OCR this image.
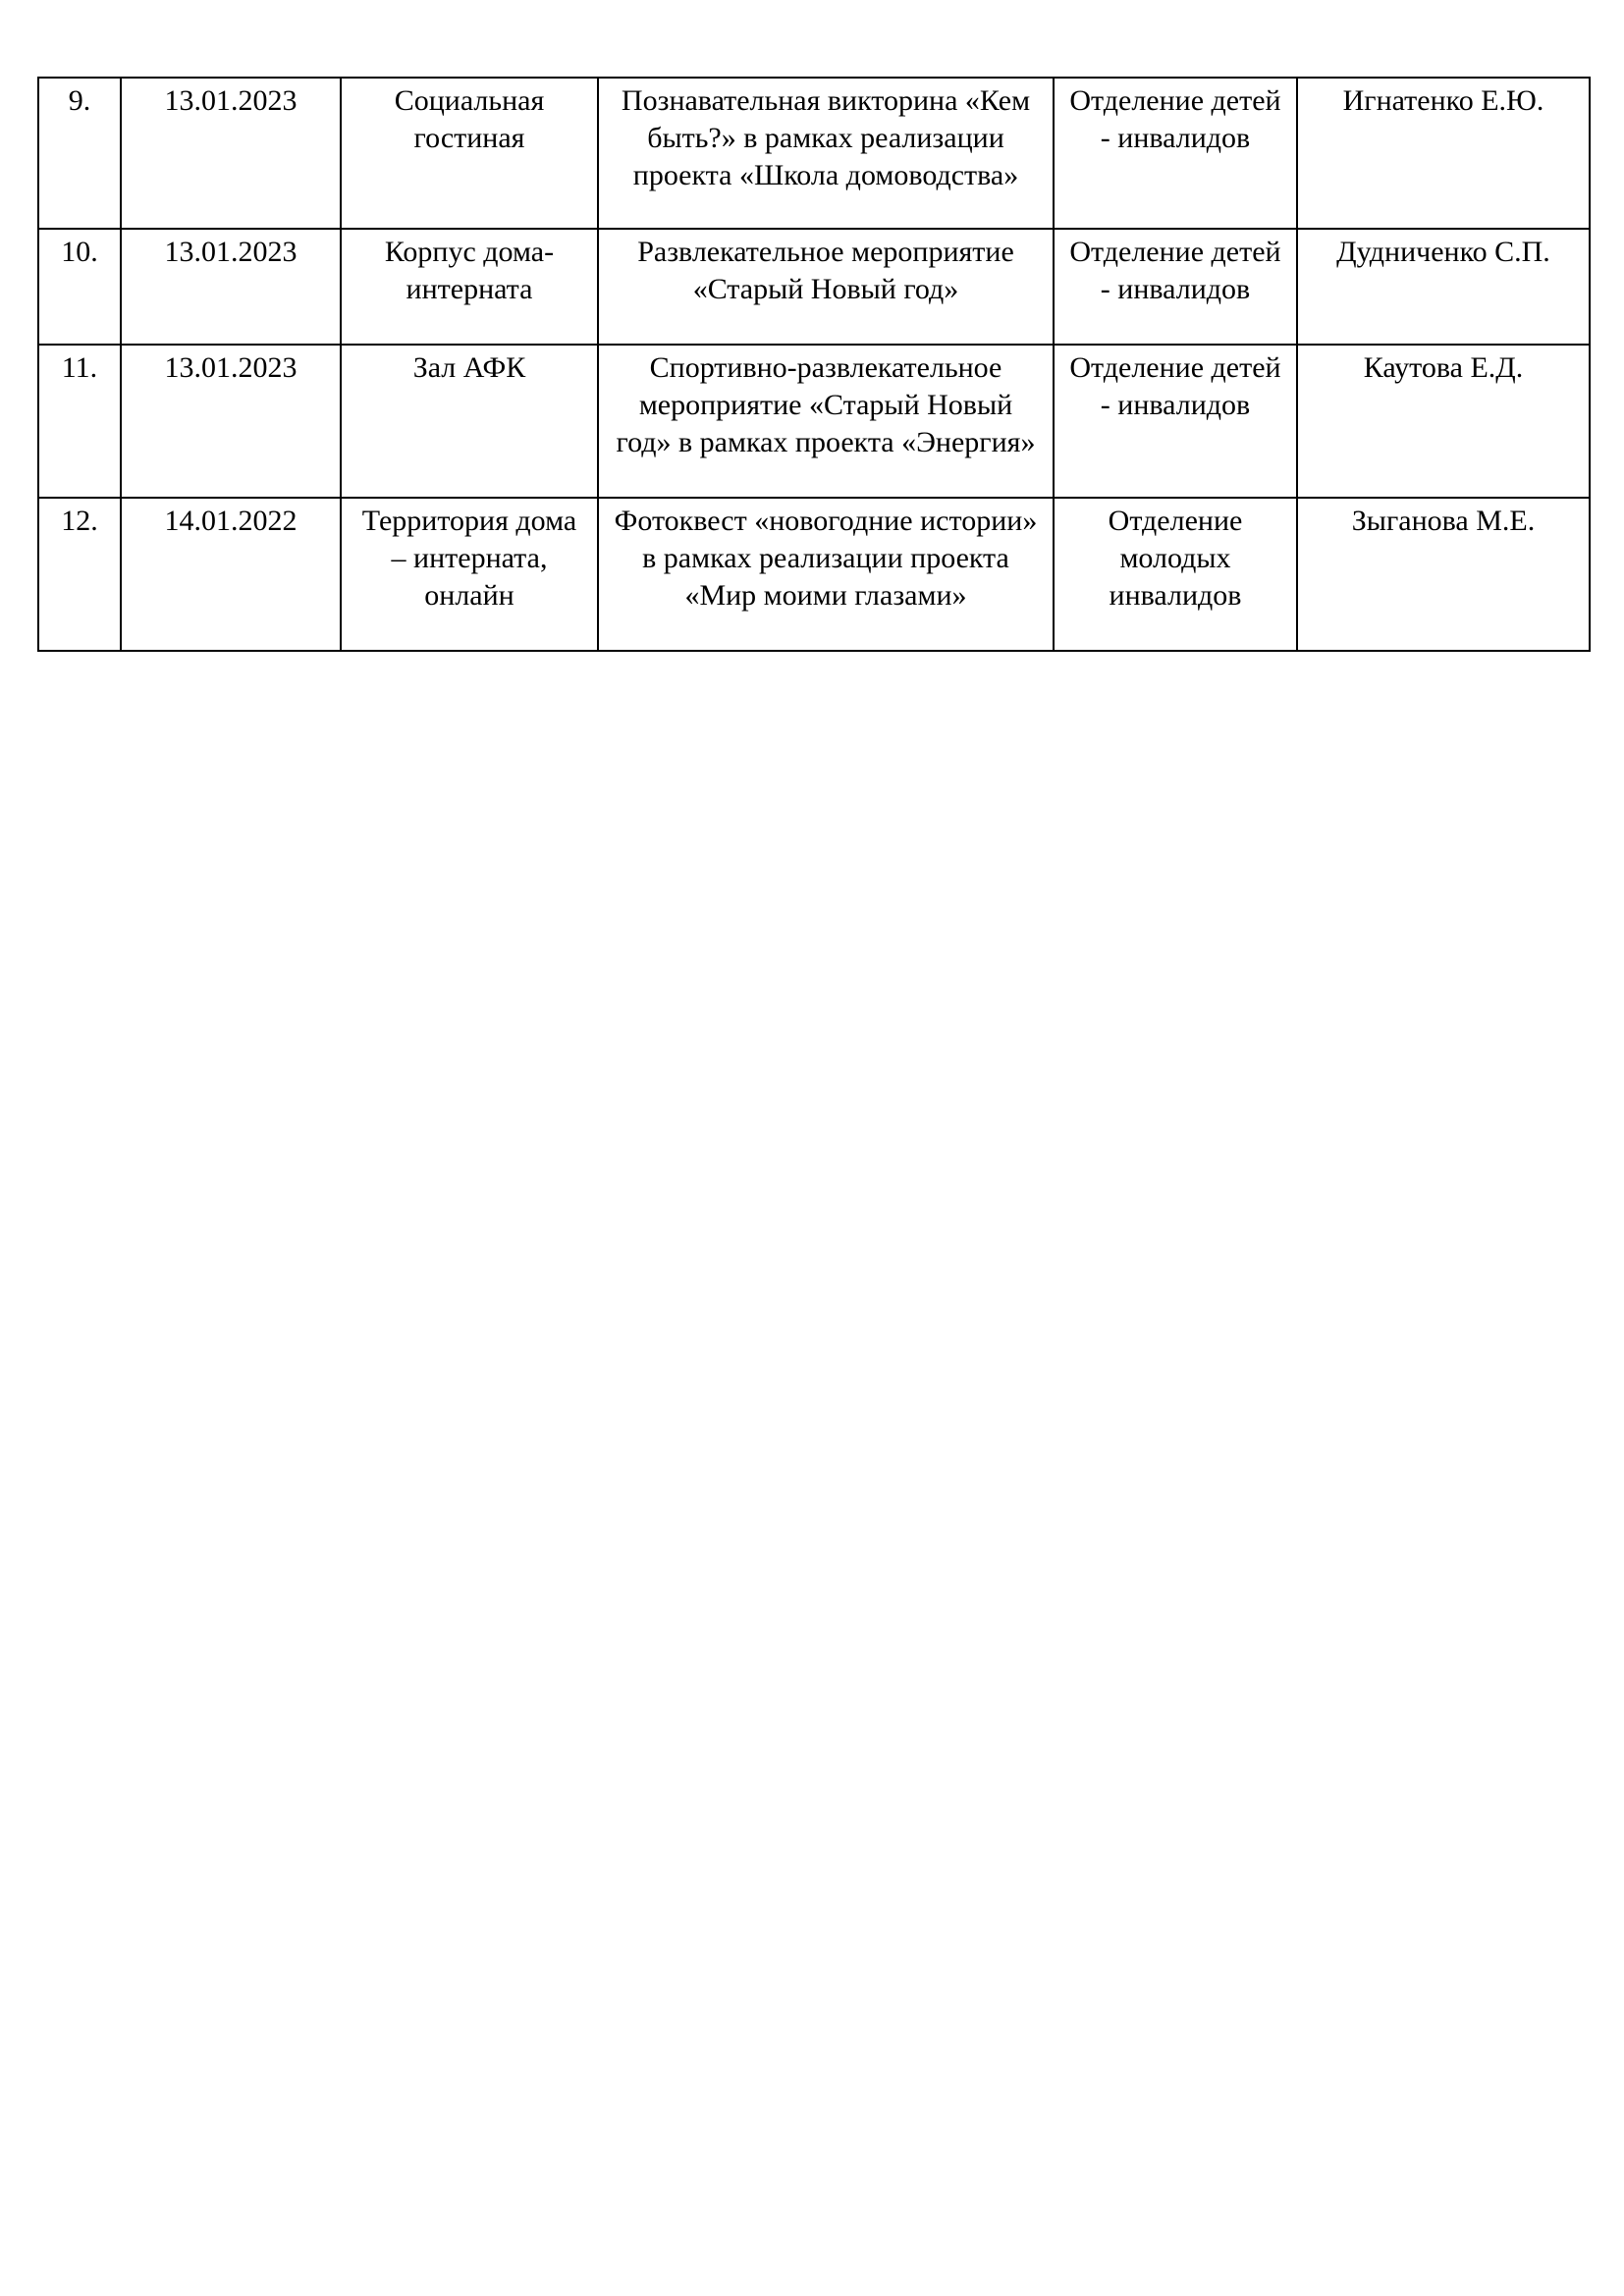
9.	13.01.2023	Социальная гостиная	Познавательная викторина «Кем быть?» в рамках реализации проекта «Школа домоводства»	Отделение детей - инвалидов	Игнатенко Е.Ю.
10.	13.01.2023	Корпус дома-интерната	Развлекательное мероприятие «Старый Новый год»	Отделение детей - инвалидов	Дудниченко С.П.
11.	13.01.2023	Зал АФК	Спортивно-развлекательное мероприятие «Старый Новый год» в рамках проекта «Энергия»	Отделение детей - инвалидов	Каутова Е.Д.
12.	14.01.2022	Территория дома – интерната, онлайн	Фотоквест «новогодние истории» в рамках реализации проекта «Мир моими глазами»	Отделение молодых инвалидов	Зыганова М.Е.
